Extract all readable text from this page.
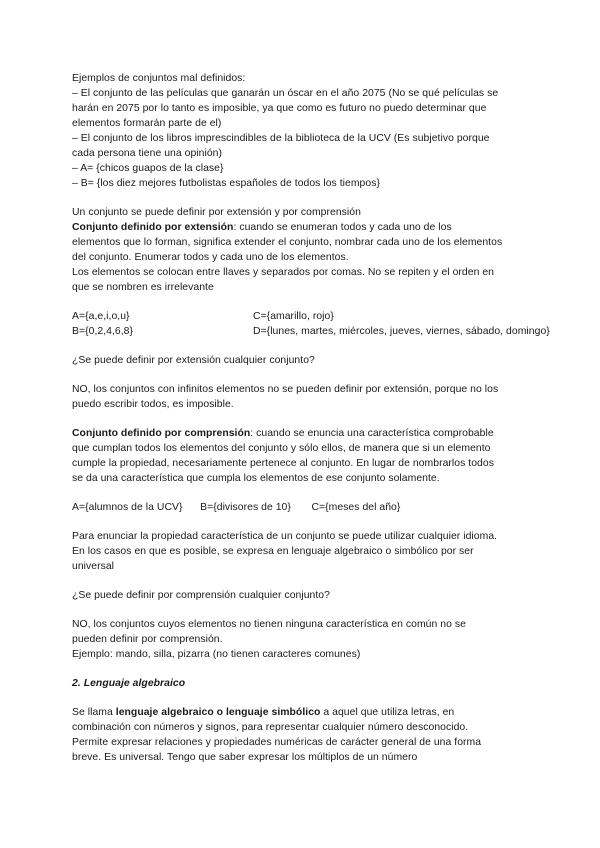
Ejemplos de conjuntos mal definidos:
– El conjunto de las películas que ganarán un óscar en el año 2075 (No se qué películas se
harán en 2075 por lo tanto es imposible, ya que como es futuro no puedo determinar que
elementos formarán parte de el)
– El conjunto de los libros imprescindibles de la biblioteca de la UCV (Es subjetivo porque
cada persona tiene una opinión)
– A= {chicos guapos de la clase}
– B= {los diez mejores futbolistas españoles de todos los tiempos}
Un conjunto se puede definir por extensión y por comprensión
Conjunto definido por extensión: cuando se enumeran todos y cada uno de los
elementos que lo forman, significa extender el conjunto, nombrar cada uno de los elementos
del conjunto. Enumerar todos y cada uno de los elementos.
Los elementos se colocan entre llaves y separados por comas. No se repiten y el orden en
que se nombren es irrelevante
A={a,e,i,o,u}	C={amarillo, rojo}
B={0,2,4,6,8}	D={lunes, martes, miércoles, jueves, viernes, sábado, domingo}
¿Se puede definir por extensión cualquier conjunto?
NO, los conjuntos con infinitos elementos no se pueden definir por extensión, porque no los
puedo escribir todos, es imposible.
Conjunto definido por comprensión: cuando se enuncia una característica comprobable
que cumplan todos los elementos del conjunto y sólo ellos, de manera que si un elemento
cumple la propiedad, necesariamente pertenece al conjunto. En lugar de nombrarlos todos
se da una característica que cumpla los elementos de ese conjunto solamente.
A={alumnos de la UCV}      B={divisores de 10}       C={meses del año}
Para enunciar la propiedad característica de un conjunto se puede utilizar cualquier idioma.
En los casos en que es posible, se expresa en lenguaje algebraico o simbólico por ser
universal
¿Se puede definir por comprensión cualquier conjunto?
NO, los conjuntos cuyos elementos no tienen ninguna característica en común no se
pueden definir por comprensión.
Ejemplo: mando, silla, pizarra (no tienen caracteres comunes)
2. Lenguaje algebraico
Se llama lenguaje algebraico o lenguaje simbólico a aquel que utiliza letras, en
combinación con números y signos, para representar cualquier número desconocido.
Permite expresar relaciones y propiedades numéricas de carácter general de una forma
breve. Es universal. Tengo que saber expresar los múltiplos de un número
